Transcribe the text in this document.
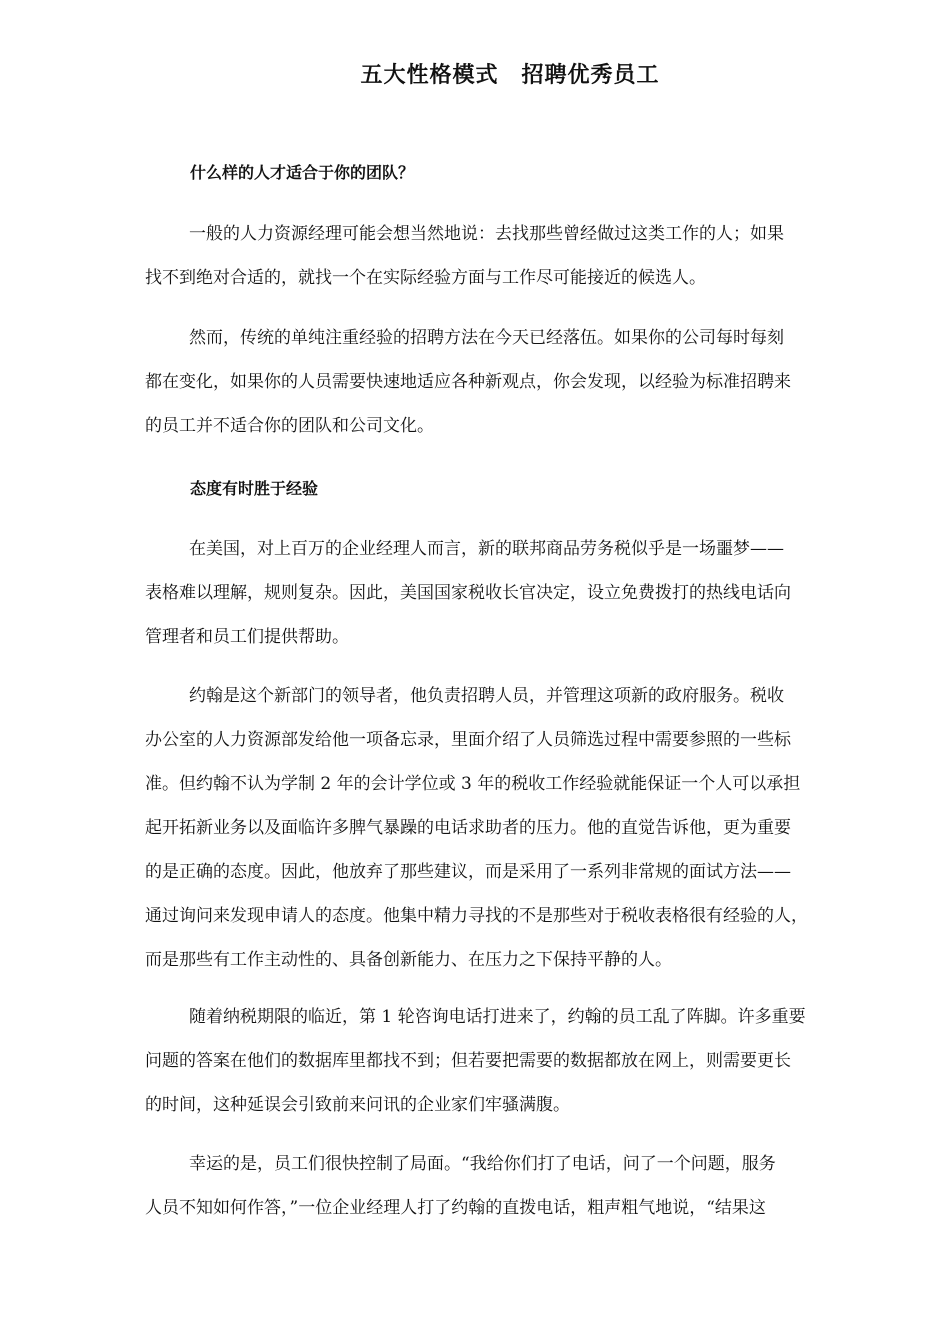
五大性格模式　招聘优秀员工
什么样的人才适合于你的团队？
一般的人力资源经理可能会想当然地说：去找那些曾经做过这类工作的人；如果
找不到绝对合适的，就找一个在实际经验方面与工作尽可能接近的候选人。
然而，传统的单纯注重经验的招聘方法在今天已经落伍。如果你的公司每时每刻
都在变化，如果你的人员需要快速地适应各种新观点，你会发现，以经验为标准招聘来
的员工并不适合你的团队和公司文化。
态度有时胜于经验
在美国，对上百万的企业经理人而言，新的联邦商品劳务税似乎是一场噩梦——
表格难以理解，规则复杂。因此，美国国家税收长官决定，设立免费拨打的热线电话向
管理者和员工们提供帮助。
约翰是这个新部门的领导者，他负责招聘人员，并管理这项新的政府服务。税收
办公室的人力资源部发给他一项备忘录，里面介绍了人员筛选过程中需要参照的一些标
准。但约翰不认为学制 2 年的会计学位或 3 年的税收工作经验就能保证一个人可以承担
起开拓新业务以及面临许多脾气暴躁的电话求助者的压力。他的直觉告诉他，更为重要
的是正确的态度。因此，他放弃了那些建议，而是采用了一系列非常规的面试方法——
通过询问来发现申请人的态度。他集中精力寻找的不是那些对于税收表格很有经验的人，
而是那些有工作主动性的、具备创新能力、在压力之下保持平静的人。
随着纳税期限的临近，第 1 轮咨询电话打进来了，约翰的员工乱了阵脚。许多重要
问题的答案在他们的数据库里都找不到；但若要把需要的数据都放在网上，则需要更长
的时间，这种延误会引致前来问讯的企业家们牢骚满腹。
幸运的是，员工们很快控制了局面。“我给你们打了电话，问了一个问题，服务
人员不知如何作答，”一位企业经理人打了约翰的直拨电话，粗声粗气地说，“结果这
